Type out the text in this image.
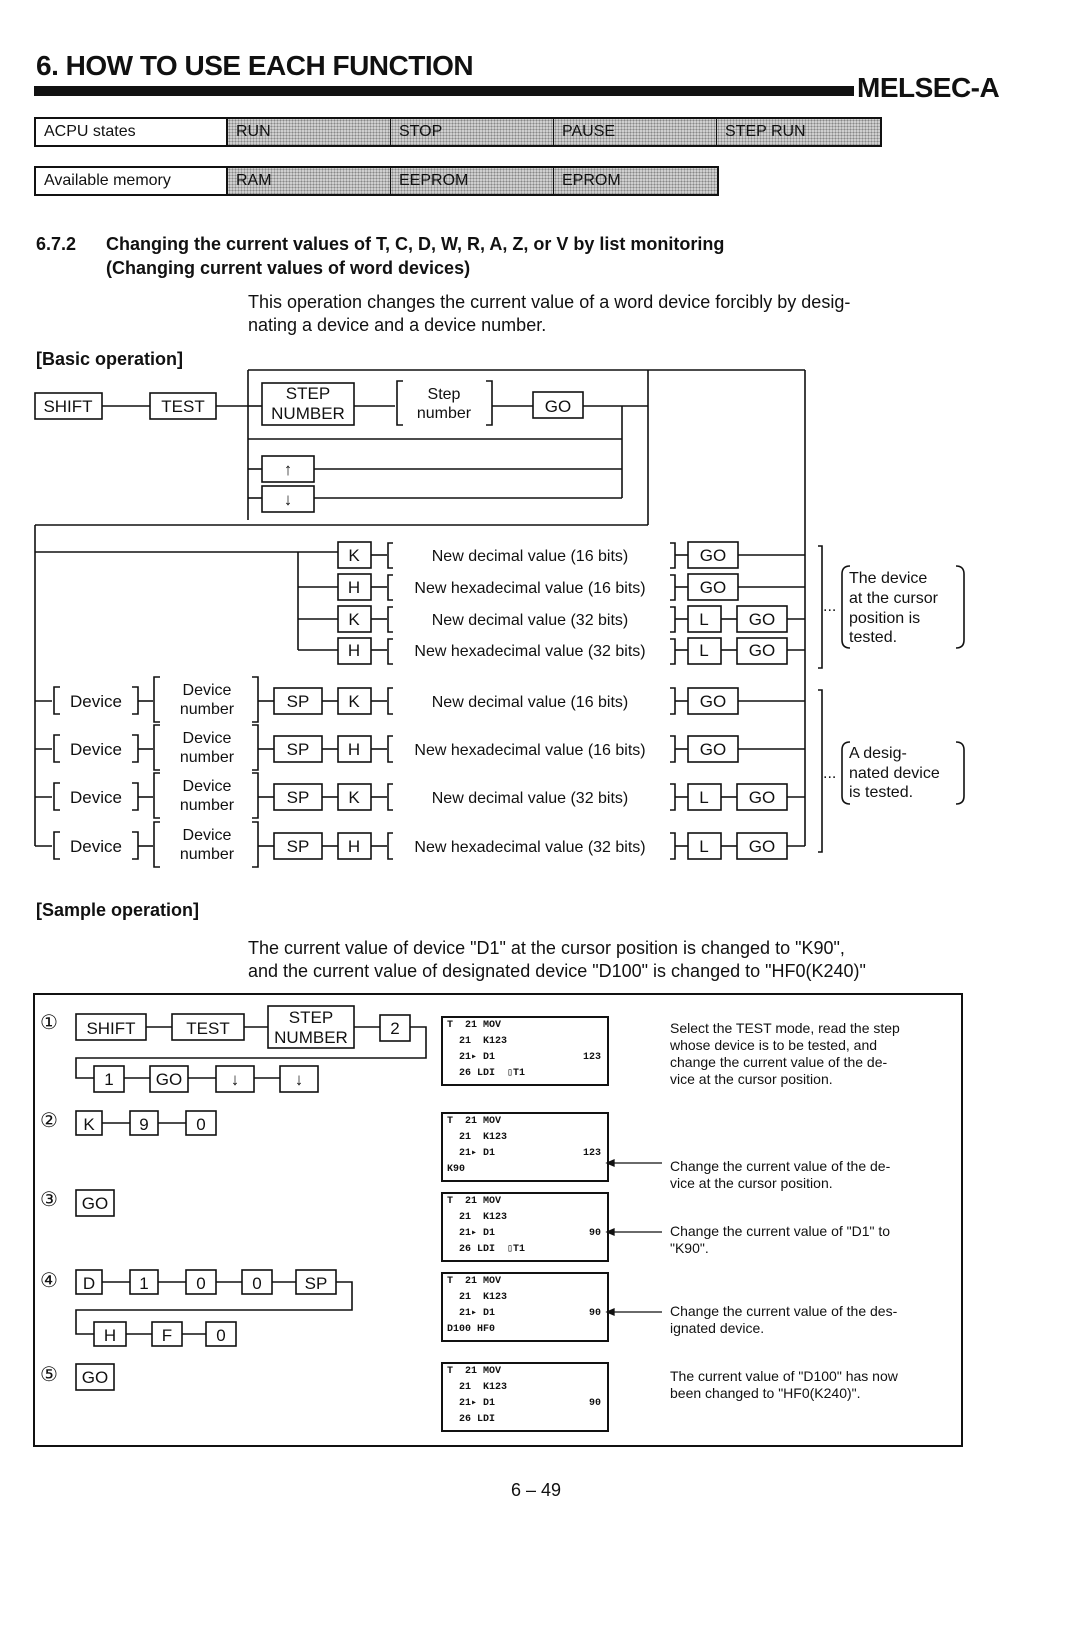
6. HOW TO USE EACH FUNCTION
MELSEC-A
ACPU states	RUN	STOP	PAUSE	STEP RUN
Available memory	RAM	EEPROM	EPROM
6.7.2 Changing the current values of T, C, D, W, R, A, Z, or V by list monitoring
(Changing current values of word devices)
This operation changes the current value of a word device forcibly by desig-
nating a device and a device number.
[Basic operation]
SHIFT	TEST
STEP
NUMBER
Step
number	GO
↑
↓
K
H
K
H
New decimal value (16 bits)
New hexadecimal value (16 bits)
New decimal value (32 bits)
New hexadecimal value (32 bits)
GO
GO
L GO
L GO
Device
Device
Device
Device
Device
number
Device
number
Device
number
Device
number
SP
SP
SP
SP
K
H
K
H
New decimal value (16 bits)
New hexadecimal value (16 bits)
New decimal value (32 bits)
New hexadecimal value (32 bits)
GO
GO
L GO
L GO
...
The device
at the cursor
position is
tested.
...
A desig-
nated device
is tested.
[Sample operation]
The current value of device "D1" at the cursor position is changed to "K90",
and the current value of designated device "D100" is changed to "HF0(K240)"
SHIFT	TEST
STEP
NUMBER 2
1 GO	↓	↓
K	9	0
GO
D	1	0	0	SP
H	F	0
GO
①
②
③
④
⑤
T  21 MOV
21  K123
21▸ D1	123
26 LDI  ▯T1
T  21 MOV
21  K123
21▸ D1	123
K90
T  21 MOV
21  K123
21▸ D1	90
26 LDI  ▯T1
T  21 MOV
21  K123
21▸ D1	90
D100 HF0
T  21 MOV
21  K123
21▸ D1	90
26 LDI
Select the TEST mode, read the step
whose device is to be tested, and
change the current value of the de-
vice at the cursor position.
Change the current value of the de-
vice at the cursor position.
Change the current value of "D1" to
"K90".
Change the current value of the des-
ignated device.
The current value of "D100" has now
been changed to "HF0(K240)".
6 – 49
